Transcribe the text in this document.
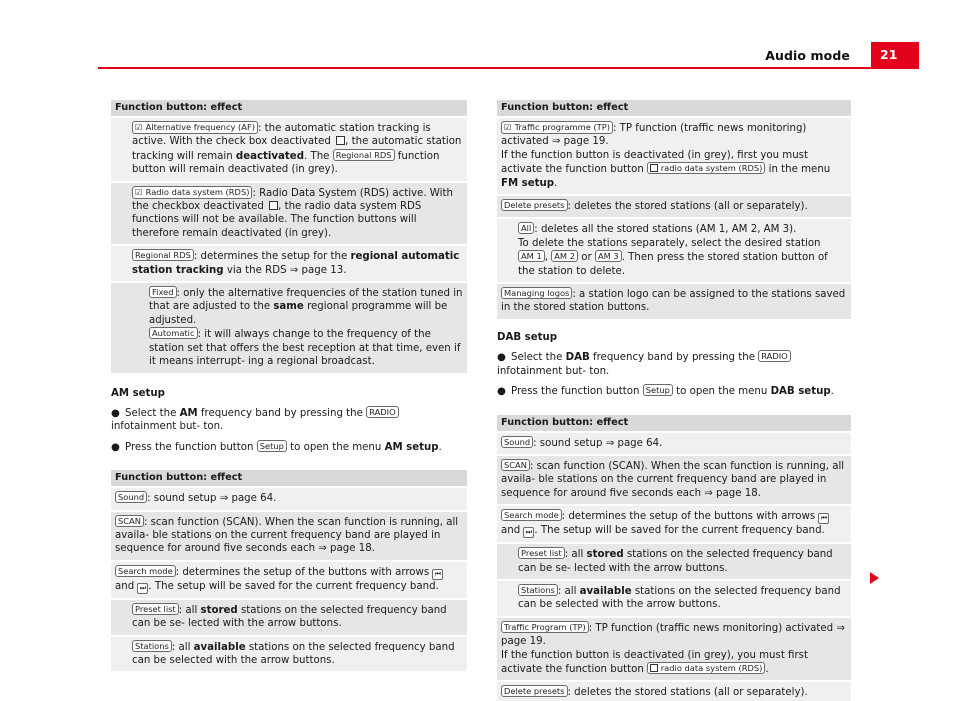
Audio mode	21
Function button: effect
☑ Alternative frequency (AF) : the automatic station tracking is active. With the check box deactivated , the automatic station tracking will remain deactivated. The Regional RDS function button will remain deactivated (in grey).
☑ Radio data system (RDS) : Radio Data System (RDS) active. With the checkbox deactivated , the radio data system RDS functions will not be available. The function buttons will therefore remain deactivated (in grey).
Regional RDS : determines the setup for the regional automatic station tracking via the RDS ⇒ page 13.
Fixed : only the alternative frequencies of the station tuned in that are adjusted to the same regional programme will be adjusted.
Automatic : it will always change to the frequency of the station set that offers the best reception at that time, even if it means interrupt- ing a regional broadcast.
AM setup
● Select the AM frequency band by pressing the RADIO infotainment but- ton.
● Press the function button Setup to open the menu AM setup.
Function button: effect
Sound : sound setup ⇒ page 64.
SCAN : scan function (SCAN). When the scan function is running, all availa- ble stations on the current frequency band are played in sequence for around five seconds each ⇒ page 18.
Search mode : determines the setup of the buttons with arrows ⏮ and ⏭ . The setup will be saved for the current frequency band.
Preset list : all stored stations on the selected frequency band can be se- lected with the arrow buttons.
Stations : all available stations on the selected frequency band can be selected with the arrow buttons.
Function button: effect
☑ Traffic programme (TP) : TP function (traffic news monitoring) activated ⇒ page 19.
If the function button is deactivated (in grey), first you must activate the function button radio data system (RDS) in the menu FM setup.
Delete presets : deletes the stored stations (all or separately).
All : deletes all the stored stations (AM 1, AM 2, AM 3).
To delete the stations separately, select the desired station AM 1 , AM 2 or AM 3 . Then press the stored station button of the station to delete.
Managing logos : a station logo can be assigned to the stations saved in the stored station buttons.
DAB setup
● Select the DAB frequency band by pressing the RADIO infotainment but- ton.
● Press the function button Setup to open the menu DAB setup.
Function button: effect
Sound : sound setup ⇒ page 64.
SCAN : scan function (SCAN). When the scan function is running, all availa- ble stations on the current frequency band are played in sequence for around five seconds each ⇒ page 18.
Search mode : determines the setup of the buttons with arrows ⏮ and ⏭ . The setup will be saved for the current frequency band.
Preset list : all stored stations on the selected frequency band can be se- lected with the arrow buttons.
Stations : all available stations on the selected frequency band can be selected with the arrow buttons.
Traffic Program (TP) : TP function (traffic news monitoring) activated ⇒ page 19.
If the function button is deactivated (in grey), you must first activate the function button radio data system (RDS) .
Delete presets : deletes the stored stations (all or separately).
